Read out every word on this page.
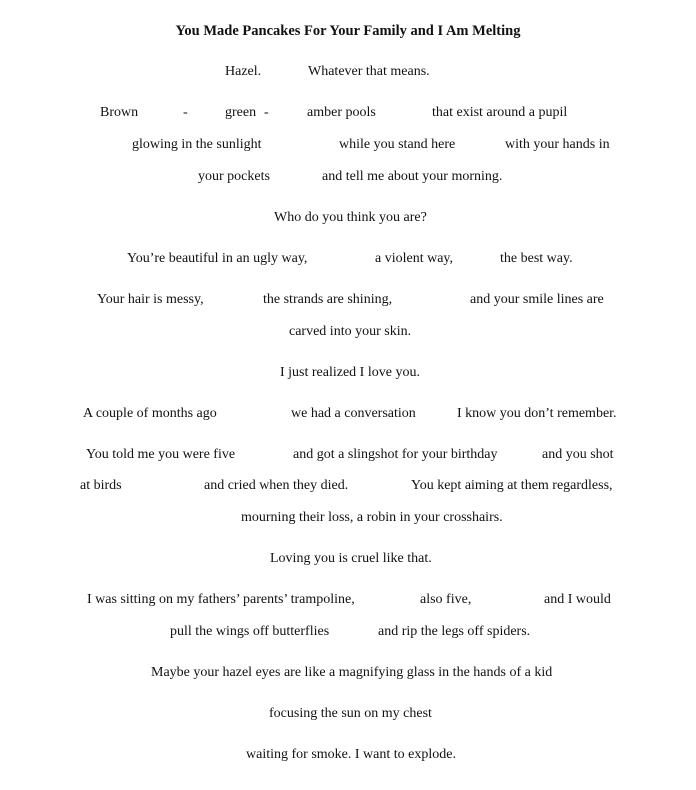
You Made Pancakes For Your Family and I Am Melting
Hazel.	Whatever that means.
Brown	-	green -	amber pools	that exist around a pupil
glowing in the sunlight	while you stand here	with your hands in
your pockets	and tell me about your morning.
Who do you think you are?
You’re beautiful in an ugly way,	a violent way,	the best way.
Your hair is messy,	the strands are shining,	and your smile lines are
carved into your skin.
I just realized I love you.
A couple of months ago	we had a conversation	I know you don’t remember.
You told me you were five	and got a slingshot for your birthday	and you shot
at birds	and cried when they died.	You kept aiming at them regardless,
mourning their loss, a robin in your crosshairs.
Loving you is cruel like that.
I was sitting on my fathers’ parents’ trampoline,	also five,	and I would
pull the wings off butterflies	and rip the legs off spiders.
Maybe your hazel eyes are like a magnifying glass in the hands of a kid
focusing the sun on my chest
waiting for smoke. I want to explode.
